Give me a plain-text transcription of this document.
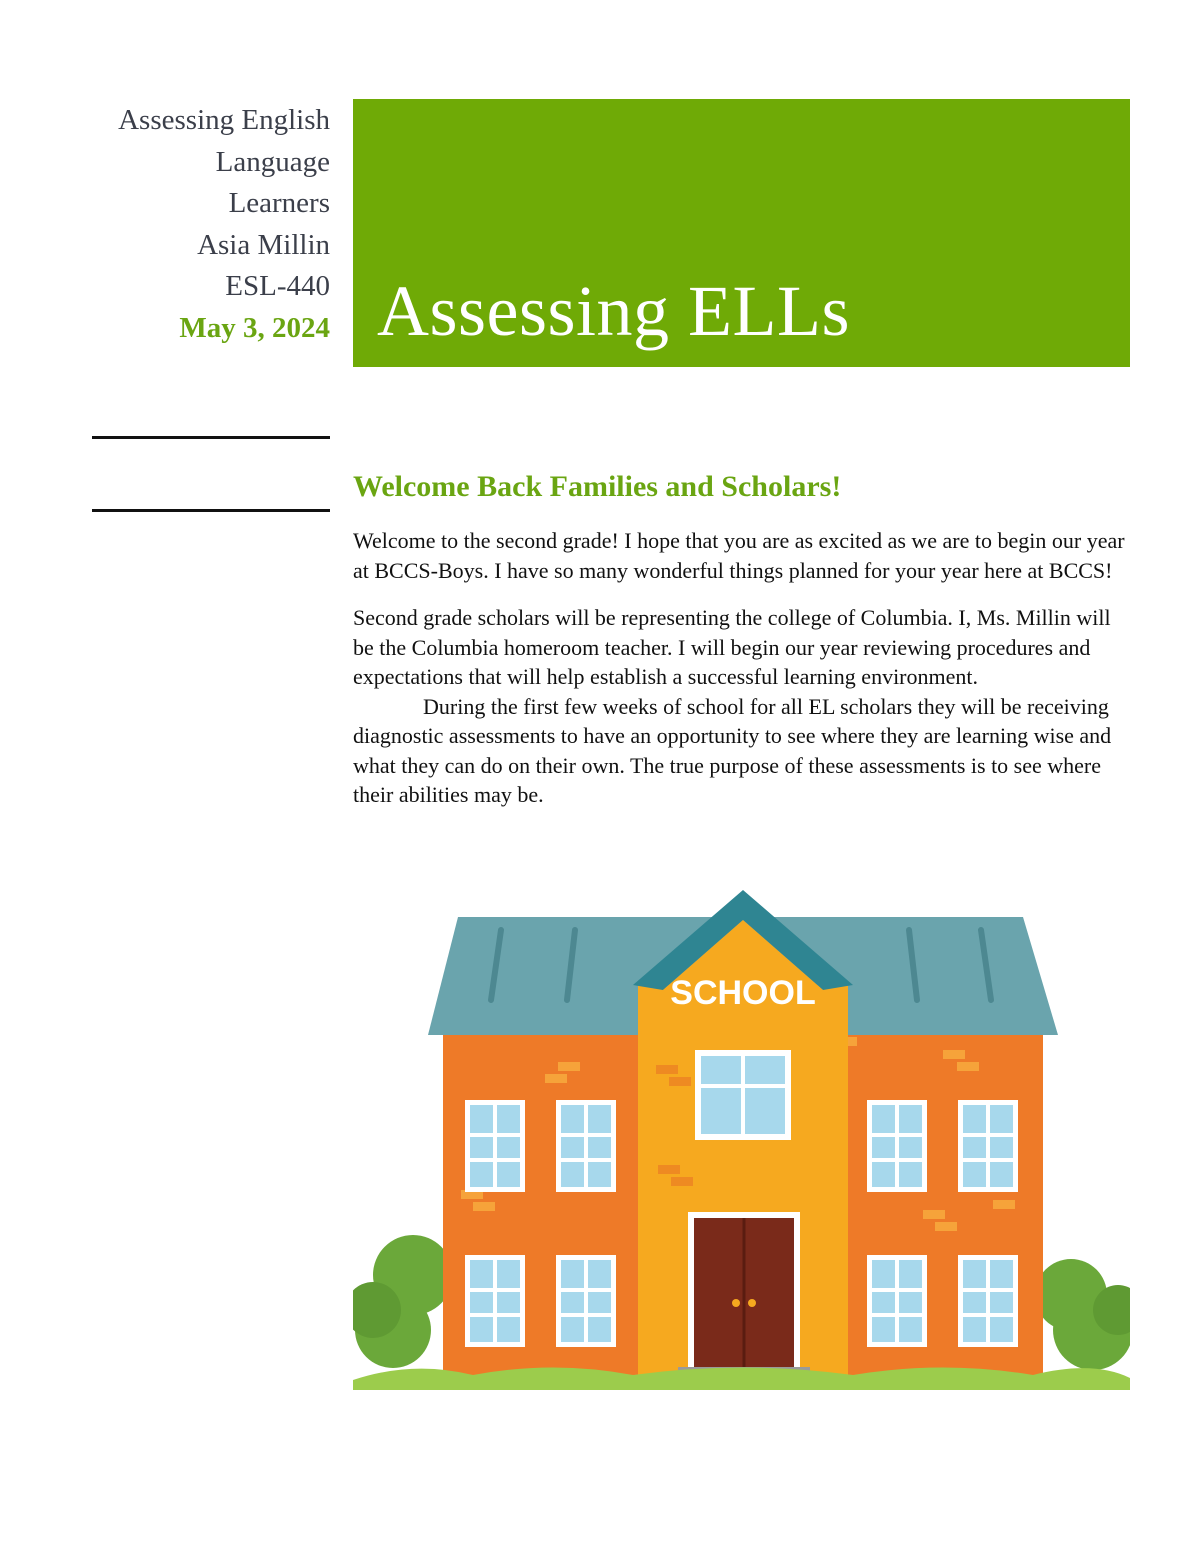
Assessing English
Language
Learners
Asia Millin
ESL-440
May 3, 2024 Assessing ELLs
Welcome Back Families and Scholars!

Welcome to the second grade! I hope that you are as excited as we are to begin our year at BCCS-Boys. I have so many wonderful things planned for your year here at BCCS!

Second grade scholars will be representing the college of Columbia. I, Ms. Millin will be the Columbia homeroom teacher. I will begin our year reviewing procedures and expectations that will help establish a successful learning environment.

During the first few weeks of school for all EL scholars they will be receiving diagnostic assessments to have an opportunity to see where they are learning wise and what they can do on their own. The true purpose of these assessments is to see where their abilities may be.

SCHOOL
